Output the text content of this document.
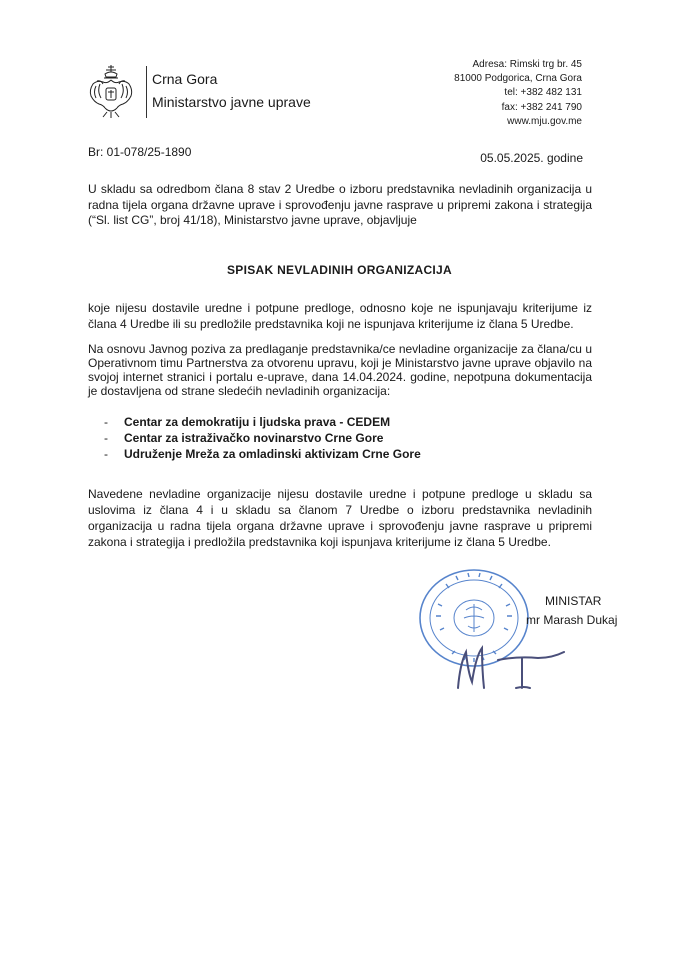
Crna Gora
Ministarstvo javne uprave
Adresa: Rimski trg br. 45
81000 Podgorica, Crna Gora
tel: +382 482 131
fax: +382 241 790
www.mju.gov.me
Br: 01-078/25-1890	05.05.2025. godine
U skladu sa odredbom člana 8 stav 2 Uredbe o izboru predstavnika nevladinih organizacija u radna tijela organa državne uprave i sprovođenju javne rasprave u pripremi zakona i strategija (“Sl. list CG”, broj 41/18), Ministarstvo javne uprave, objavljuje
SPISAK NEVLADINIH ORGANIZACIJA
koje nijesu dostavile uredne i potpune predloge, odnosno koje ne ispunjavaju kriterijume iz člana 4 Uredbe ili su predložile predstavnika koji ne ispunjava kriterijume iz člana 5 Uredbe.
Na osnovu Javnog poziva za predlaganje predstavnika/ce nevladine organizacije za člana/cu u Operativnom timu Partnerstva za otvorenu upravu, koji je Ministarstvo javne uprave objavilo na svojoj internet stranici i portalu e-uprave, dana 14.04.2024. godine, nepotpuna dokumentacija je dostavljena od strane sledećih nevladinih organizacija:
- Centar za demokratiju i ljudska prava - CEDEM
- Centar za istraživačko novinarstvo Crne Gore
- Udruženje Mreža za omladinski aktivizam Crne Gore
Navedene nevladine organizacije nijesu dostavile uredne i potpune predloge u skladu sa uslovima iz člana 4 i u skladu sa članom 7 Uredbe o izboru predstavnika nevladinih organizacija u radna tijela organa državne uprave i sprovođenju javne rasprave u pripremi zakona i strategija i predložila predstavnika koji ispunjava kriterijume iz člana 5 Uredbe.
MINISTAR
mr Marash Dukaj
